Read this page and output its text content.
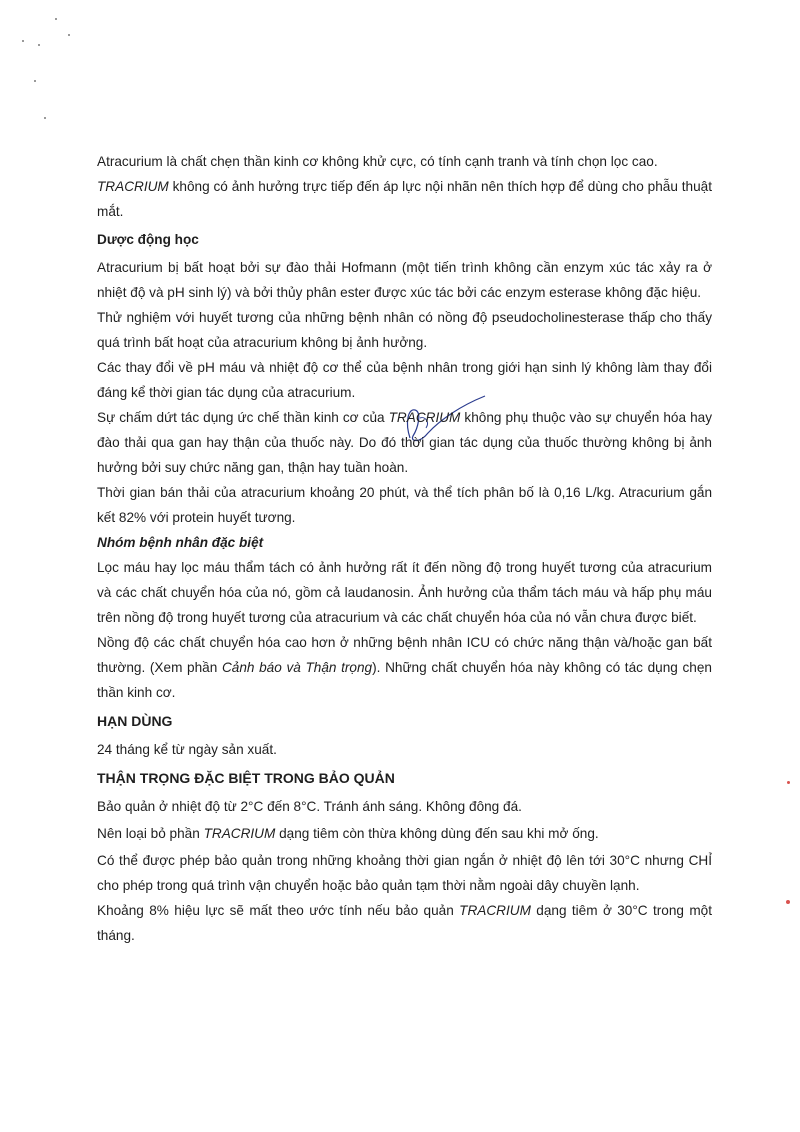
Atracurium là chất chẹn thần kinh cơ không khử cực, có tính cạnh tranh và tính chọn lọc cao.

TRACRIUM không có ảnh hưởng trực tiếp đến áp lực nội nhãn nên thích hợp để dùng cho phẫu thuật mắt.

Dược động học

Atracurium bị bất hoạt bởi sự đào thải Hofmann (một tiến trình không cần enzym xúc tác xảy ra ở nhiệt độ và pH sinh lý) và bởi thủy phân ester được xúc tác bởi các enzym esterase không đặc hiệu.

Thử nghiệm với huyết tương của những bệnh nhân có nồng độ pseudocholinesterase thấp cho thấy quá trình bất hoạt của atracurium không bị ảnh hưởng.

Các thay đổi về pH máu và nhiệt độ cơ thể của bệnh nhân trong giới hạn sinh lý không làm thay đổi đáng kể thời gian tác dụng của atracurium.

Sự chấm dứt tác dụng ức chế thần kinh cơ của TRACRIUM không phụ thuộc vào sự chuyển hóa hay đào thải qua gan hay thận của thuốc này. Do đó thời gian tác dụng của thuốc thường không bị ảnh hưởng bởi suy chức năng gan, thận hay tuần hoàn.

Thời gian bán thải của atracurium khoảng 20 phút, và thể tích phân bố là 0,16 L/kg. Atracurium gắn kết 82% với protein huyết tương.

Nhóm bệnh nhân đặc biệt

Lọc máu hay lọc máu thẩm tách có ảnh hưởng rất ít đến nồng độ trong huyết tương của atracurium và các chất chuyển hóa của nó, gồm cả laudanosin. Ảnh hưởng của thẩm tách máu và hấp phụ máu trên nồng độ trong huyết tương của atracurium và các chất chuyển hóa của nó vẫn chưa được biết.

Nồng độ các chất chuyển hóa cao hơn ở những bệnh nhân ICU có chức năng thận và/hoặc gan bất thường. (Xem phần Cảnh báo và Thận trọng). Những chất chuyển hóa này không có tác dụng chẹn thần kinh cơ.

HẠN DÙNG

24 tháng kể từ ngày sản xuất.

THẬN TRỌNG ĐẶC BIỆT TRONG BẢO QUẢN

Bảo quản ở nhiệt độ từ 2°C đến 8°C. Tránh ánh sáng. Không đông đá.

Nên loại bỏ phần TRACRIUM dạng tiêm còn thừa không dùng đến sau khi mở ống.

Có thể được phép bảo quản trong những khoảng thời gian ngắn ở nhiệt độ lên tới 30°C nhưng CHỈ cho phép trong quá trình vận chuyển hoặc bảo quản tạm thời nằm ngoài dây chuyền lạnh.

Khoảng 8% hiệu lực sẽ mất theo ước tính nếu bảo quản TRACRIUM dạng tiêm ở 30°C trong một tháng.
